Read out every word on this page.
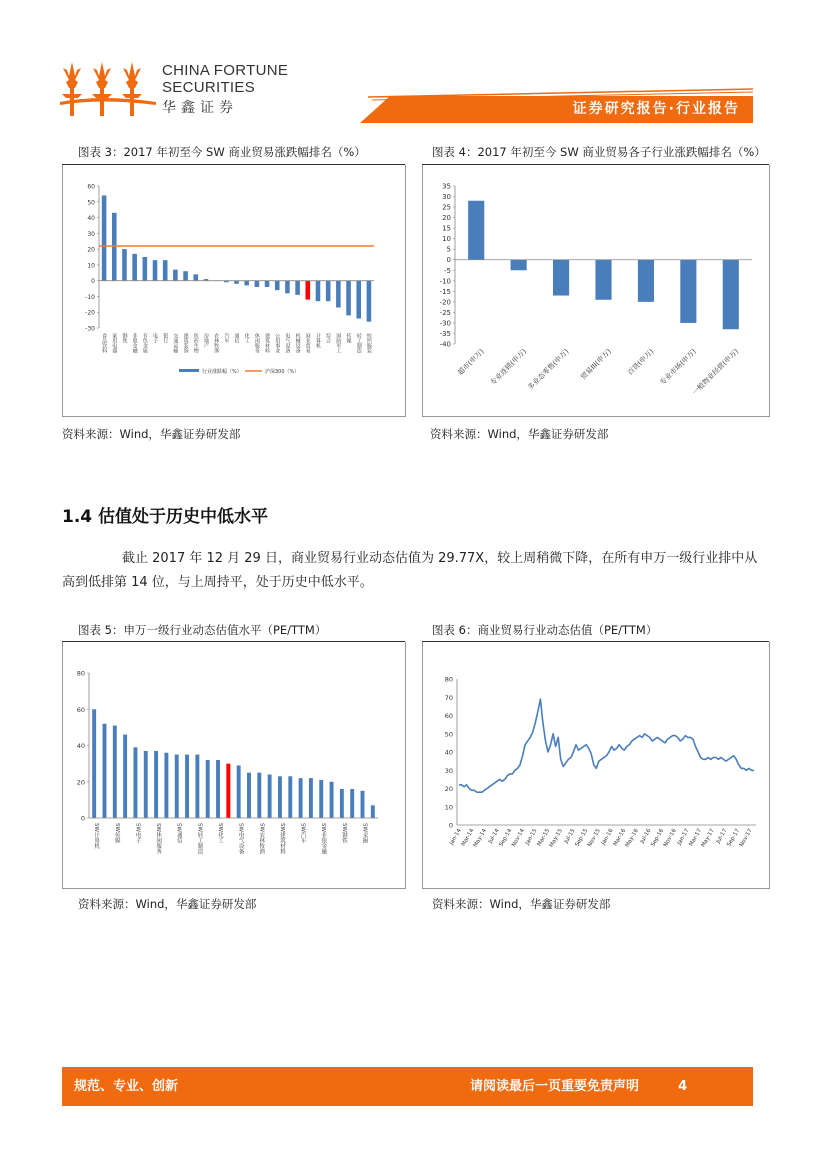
CHINA FORTUNE
SECURITIES
华鑫证券	证券研究报告·行业报告
图表 3：2017 年初至今 SW 商业贸易涨跌幅排名（%）
60
50
40
30
20
10
0
-10
-20
-30
食品饮料 家用电器 钢铁 非银金融 有色金属 电子 银行 交通运输 建筑装饰 医药生物 房地产 农林牧渔 汽车 通信 化工 休闲服务 建筑材料 公用事业 电气设备 机械设备 商业贸易 计算机 综合 国防军工 传媒 轻工制造 纺织服装
行业涨跌幅（%）	沪深300（%）
资料来源：Wind，华鑫证券研发部
图表 4：2017 年初至今 SW 商业贸易各子行业涨跌幅排名（%）
35
30
25
20
15
10
5
0
-5
-10
-15
-20
-25
-30
-35
-40
超市(申万) 专业连锁(申万)
多业态零售(申万) 贸易III(申万) 百货(申万) 专业市场(申万)
一般物业经营(申万)
资料来源：Wind，华鑫证券研发部
1.4 估值处于历史中低水平
截止 2017 年 12 月 29 日，商业贸易行业动态估值为 29.77X，较上周稍微下降，在所有申万一级行业排中从高到低排第 14 位，与上周持平，处于历史中低水平。
图表 5：申万一级行业动态估值水平（PE/TTM）
80
60
40
20
0
SW计算机	SW传媒	SW电子	SW休闲服务	SW通信	SW轻工制造	SW化工	SW电气设备	SW农林牧渔	SW建筑材料	SW汽车	SW非银金融	SW钢铁	SW采掘
资料来源：Wind，华鑫证券研发部
图表 6：商业贸易行业动态估值（PE/TTM）
80
70
60
50
40
30
20
10
0
Jan-14
Mar-14
May-14 Jul-14
Sep-14
Nov-14
Jan-15
Mar-15
May-15 Jul-15
Sep-15
Nov-15
Jan-16
Mar-16
May-16 Jul-16
Sep-16
Nov-16
Jan-17
Mar-17
May-17 Jul-17
Sep-17
Nov-17
资料来源：Wind，华鑫证券研发部
规范、专业、创新	请阅读最后一页重要免责声明	4
